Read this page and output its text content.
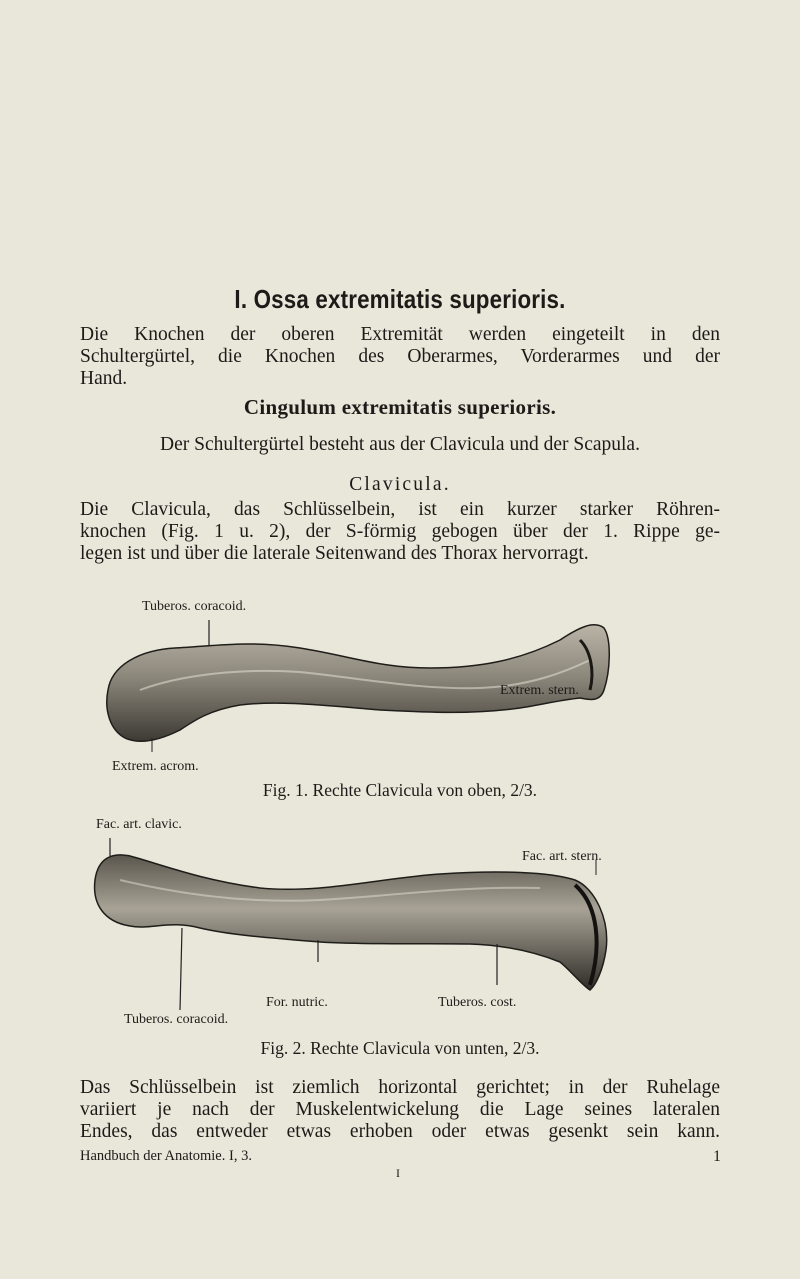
I. Ossa extremitatis superioris.
Die Knochen der oberen Extremität werden eingeteilt in den
Schultergürtel, die Knochen des Oberarmes, Vorderarmes und der
Hand.
Cingulum extremitatis superioris.
Der Schultergürtel besteht aus der Clavicula und der Scapula.
Clavicula.
Die Clavicula, das Schlüsselbein, ist ein kurzer starker Röhren-
knochen (Fig. 1 u. 2), der S-förmig gebogen über der 1. Rippe ge-
legen ist und über die laterale Seitenwand des Thorax hervorragt.
Tuberos. coracoid.
Extrem. stern.
Extrem. acrom.
Fig. 1. Rechte Clavicula von oben, 2/3.
Fac. art. clavic.
Fac. art. stern.
For. nutric.	Tuberos. cost.
Tuberos. coracoid.
Fig. 2. Rechte Clavicula von unten, 2/3.
Das Schlüsselbein ist ziemlich horizontal gerichtet; in der Ruhelage
variiert je nach der Muskelentwickelung die Lage seines lateralen
Endes, das entweder etwas erhoben oder etwas gesenkt sein kann.
Handbuch der Anatomie. I, 3.	1
I
